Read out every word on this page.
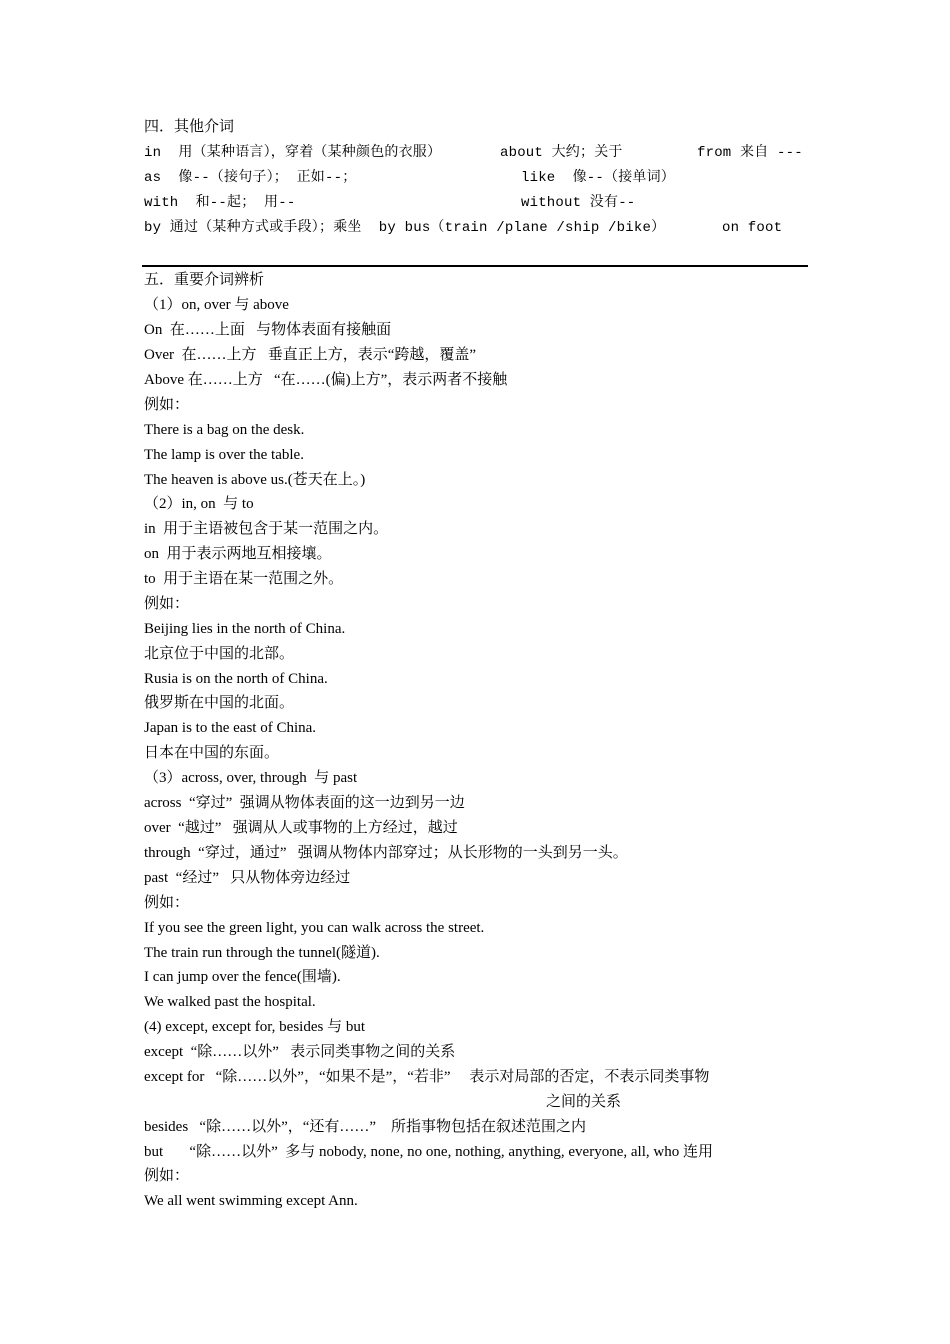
四．其他介词
in  用（某种语言），穿着（某种颜色的衣服）	about 大约；关于	from 来自 ---
as  像--（接句子）； 正如--；	like  像--（接单词）
with  和--起； 用--	without 没有--
by 通过（某种方式或手段）；乘坐  by bus（train /plane /ship /bike）	on foot
五．重要介词辨析
（1）on, over 与 above
On  在……上面   与物体表面有接触面
Over  在……上方   垂直正上方，表示“跨越，覆盖”
Above 在……上方   “在……(偏)上方”，表示两者不接触
例如：
There is a bag on the desk.
The lamp is over the table.
The heaven is above us.(苍天在上。)
（2）in, on  与 to
in  用于主语被包含于某一范围之内。
on  用于表示两地互相接壤。
to  用于主语在某一范围之外。
例如：
Beijing lies in the north of China.
北京位于中国的北部。
Rusia is on the north of China.
俄罗斯在中国的北面。
Japan is to the east of China.
日本在中国的东面。
（3）across, over, through  与 past
across  “穿过”  强调从物体表面的这一边到另一边
over  “越过”   强调从人或事物的上方经过，越过
through  “穿过，通过”   强调从物体内部穿过；从长形物的一头到另一头。
past  “经过”   只从物体旁边经过
例如：
If you see the green light, you can walk across the street.
The train run through the tunnel(隧道).
I can jump over the fence(围墙).
We walked past the hospital.
(4) except, except for, besides 与 but
except  “除……以外”   表示同类事物之间的关系
except for   “除……以外”，“如果不是”，“若非”     表示对局部的否定，不表示同类事物
之间的关系
besides   “除……以外”，“还有……”    所指事物包括在叙述范围之内
but       “除……以外”  多与 nobody, none, no one, nothing, anything, everyone, all, who 连用
例如：
We all went swimming except Ann.
